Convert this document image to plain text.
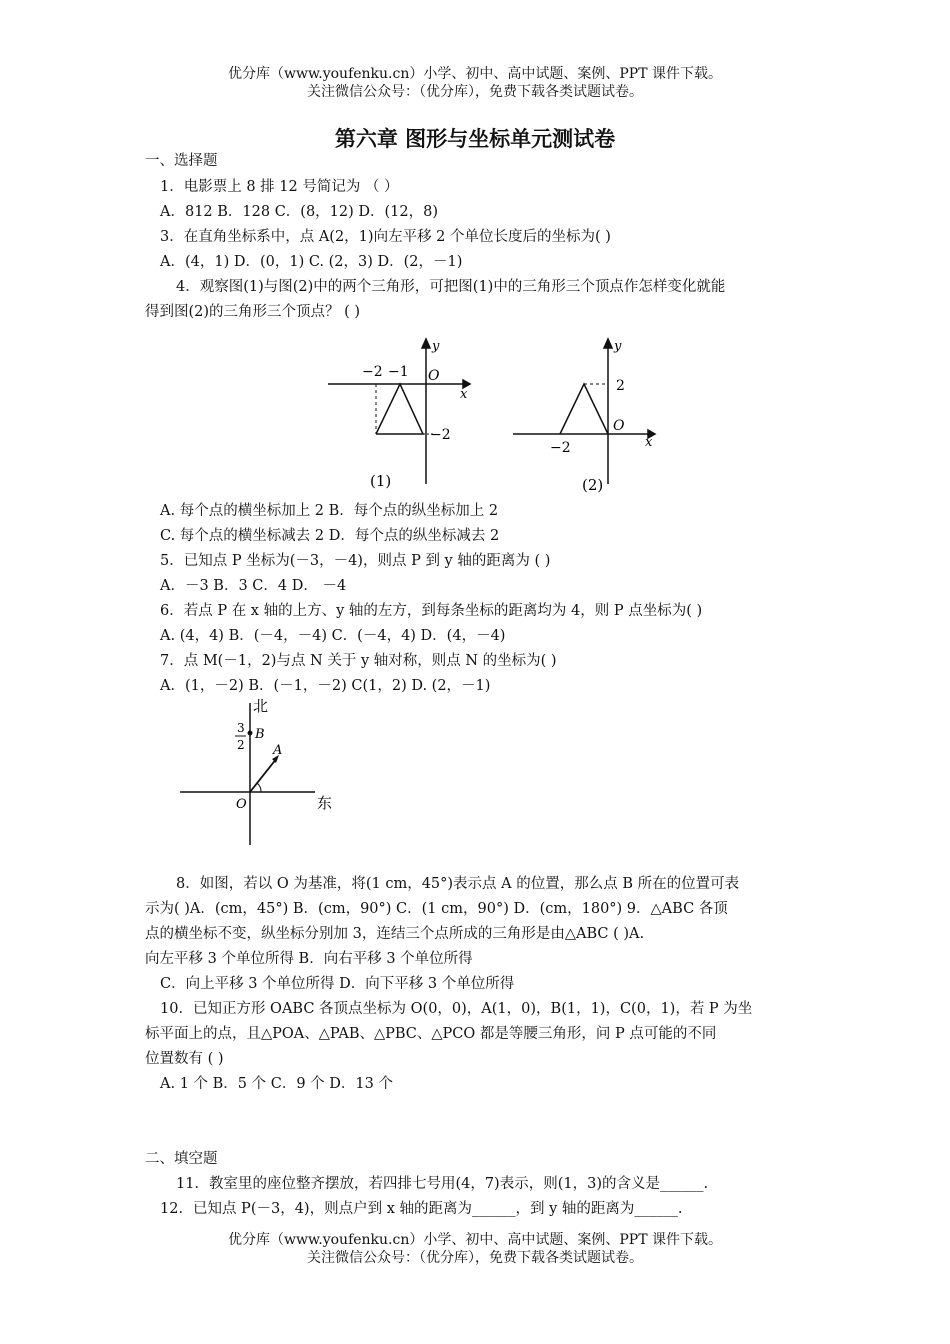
优分库（www.youfenku.cn）小学、初中、高中试题、案例、PPT 课件下载。
关注微信公众号：（优分库），免费下载各类试题试卷。
第六章 图形与坐标单元测试卷
一、选择题
1．电影票上 8 排 12 号简记为 （ ）
A．812 B．128 C．(8，12) D．(12，8)
3．在直角坐标系中，点 A(2，1)向左平移 2 个单位长度后的坐标为( )
A．(4，1) D．(0，1) C. (2，3) D．(2，－1)
4．观察图(1)与图(2)中的两个三角形，可把图(1)中的三角形三个顶点作怎样变化就能
得到图(2)的三角形三个顶点？ ( )
y
x
O
−2 −1
−2
(1)
y
x
O
2
−2
(2)
A. 每个点的横坐标加上 2 B．每个点的纵坐标加上 2
C. 每个点的横坐标减去 2 D．每个点的纵坐标减去 2
5．已知点 P 坐标为(－3，－4)，则点 P 到 y 轴的距离为 ( )
A．－3 B．3 C．4 D． －4
6．若点 P 在 x 轴的上方、y 轴的左方，到每条坐标的距离均为 4，则 P 点坐标为( )
A. (4，4) B．(－4，－4) C．(－4，4) D．(4，－4)
7．点 M(－1，2)与点 N 关于 y 轴对称，则点 N 的坐标为( )
A．(1，－2) B．(－1，－2) C(1，2) D. (2，－1)
北
东
O
A
B
3
2
8．如图，若以 O 为基准，将(1 cm，45°)表示点 A 的位置，那么点 B 所在的位置可表
示为( )A．(cm，45°) B．(cm，90°) C．(1 cm，90°) D．(cm，180°) 9．△ABC 各顶
点的横坐标不变，纵坐标分别加 3，连结三个点所成的三角形是由△ABC ( )A.
向左平移 3 个单位所得 B．向右平移 3 个单位所得
C．向上平移 3 个单位所得 D．向下平移 3 个单位所得
10．已知正方形 OABC 各顶点坐标为 O(0，0)，A(1，0)，B(1，1)，C(0，1)，若 P 为坐
标平面上的点，且△POA、△PAB、△PBC、△PCO 都是等腰三角形，问 P 点可能的不同
位置数有 ( )
A. 1 个 B．5 个 C．9 个 D．13 个
二、填空题
11．教室里的座位整齐摆放，若四排七号用(4，7)表示，则(1，3)的含义是______.
12．已知点 P(－3，4)，则点户到 x 轴的距离为______，到 y 轴的距离为______.
优分库（www.youfenku.cn）小学、初中、高中试题、案例、PPT 课件下载。
关注微信公众号：（优分库），免费下载各类试题试卷。
